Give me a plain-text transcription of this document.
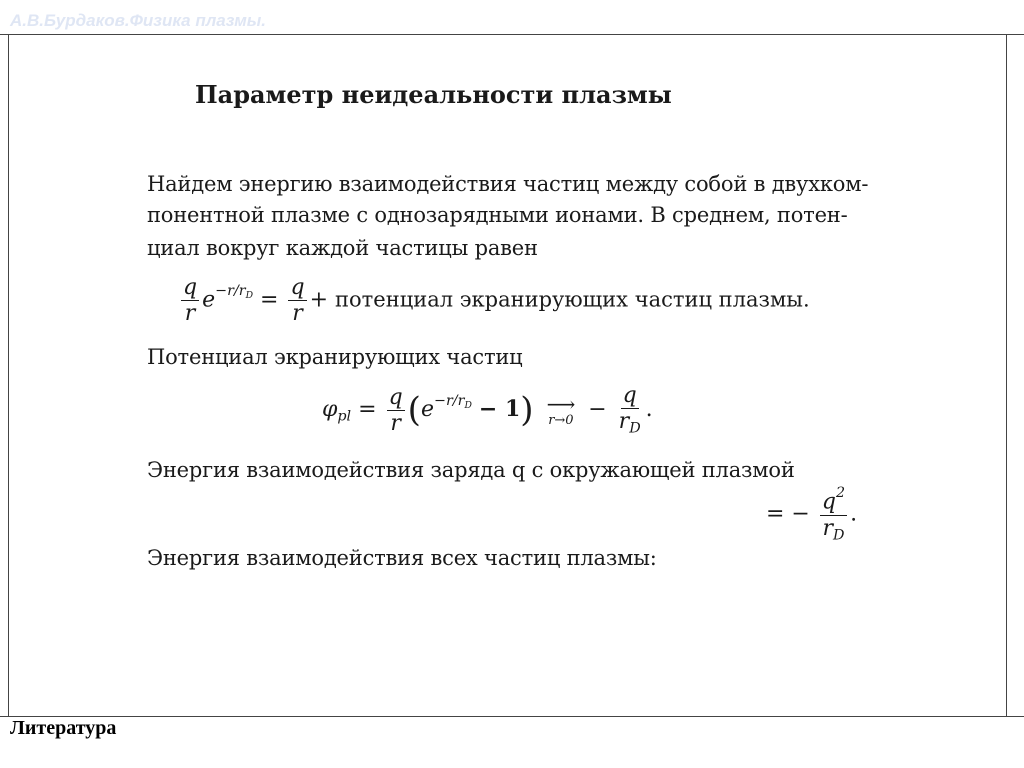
А.В.Бурдаков.Физика плазмы.
Параметр неидеальности плазмы
Найдем энергию взаимодействия частиц между собой в двухком-
понентной плазме с однозарядными ионами. В среднем, потен-
циал вокруг каждой частицы равен
$\frac{q}{r} e^{-r/r_D} = \frac{q}{r}$ + потенциал экранирующих частиц плазмы.
Потенциал экранирующих частиц
$\varphi_{pl} = \frac{q}{r} (e^{-r/r_D} - 1)$ ⟶
$r\to 0 - \frac{q}{r_D}$ .
Энергия взаимодействия заряда q с окружающей плазмой
= − $\frac{q^2}{r_D}$ .
Энергия взаимодействия всех частиц плазмы:
Литература
